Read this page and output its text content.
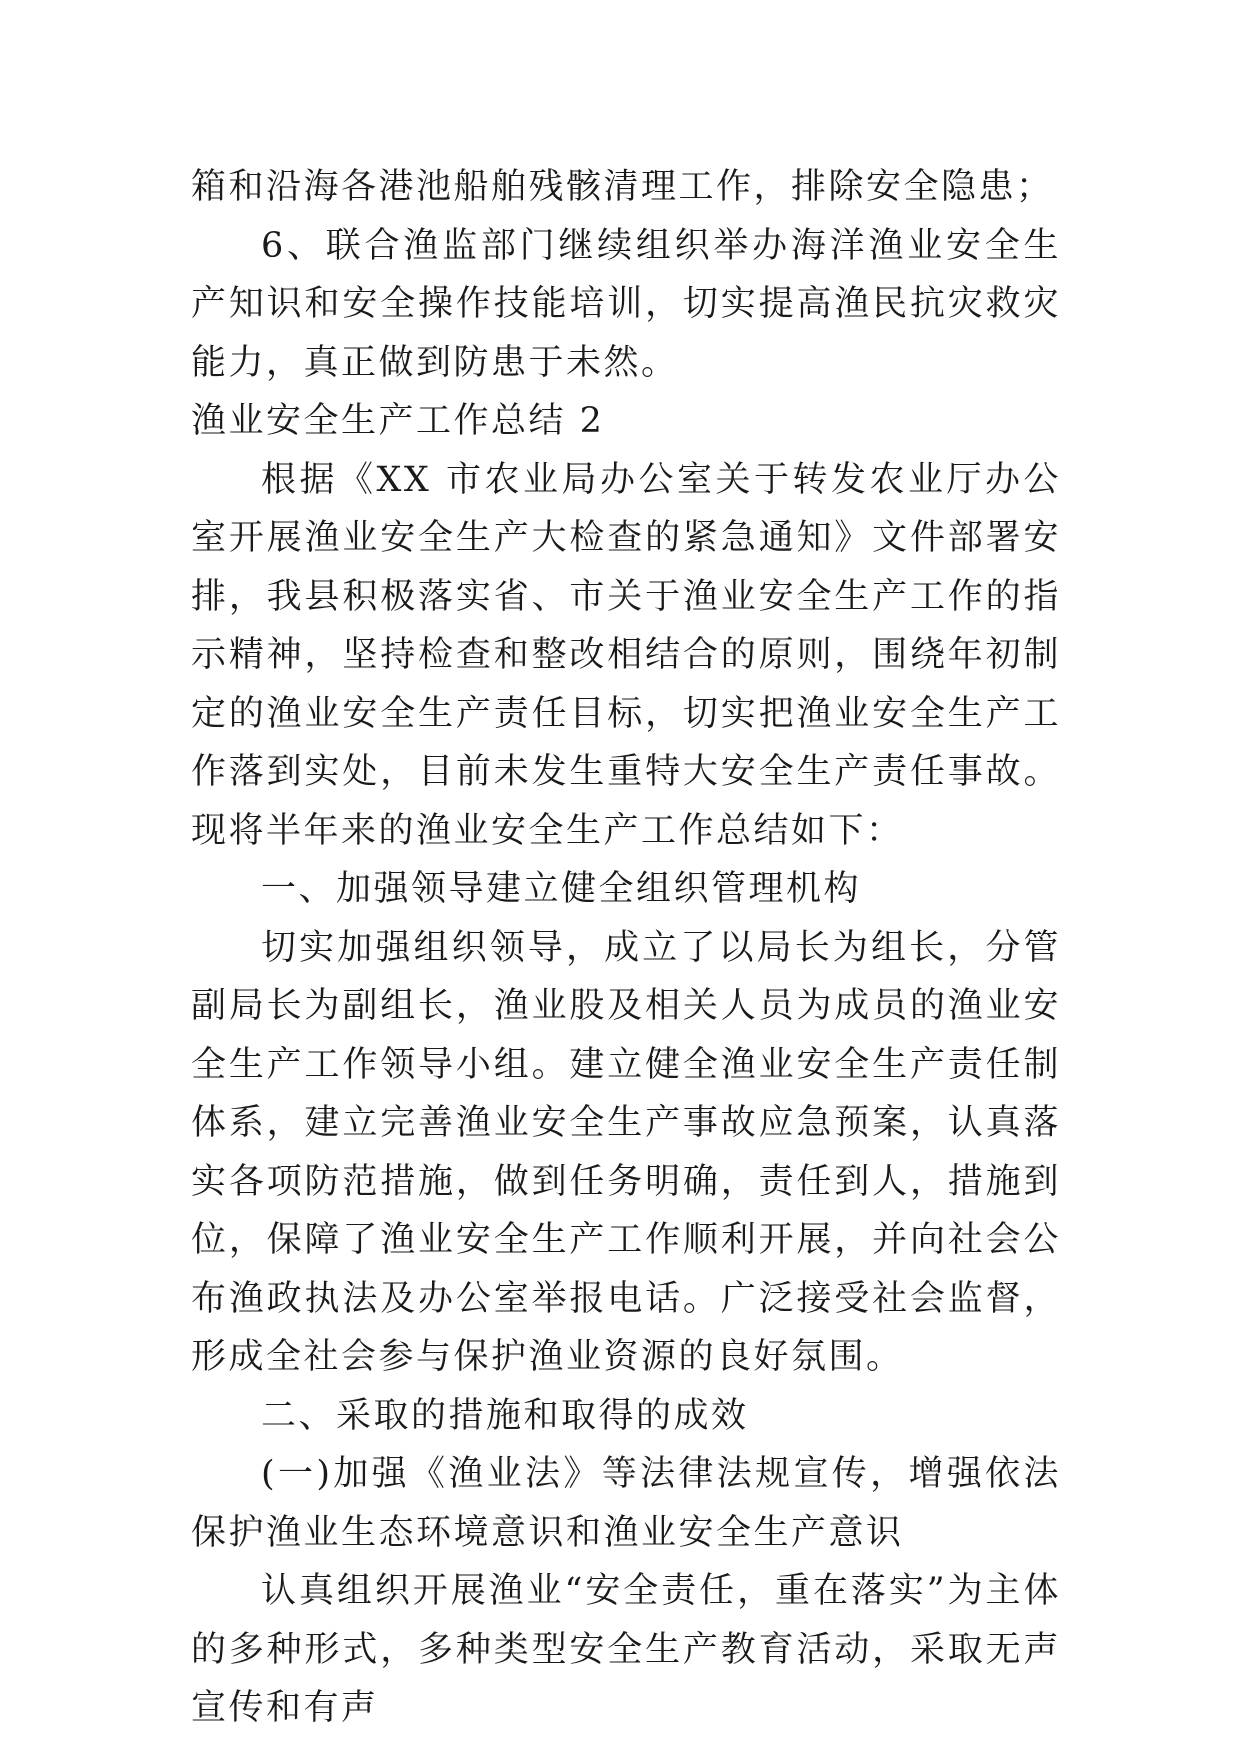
箱和沿海各港池船舶残骸清理工作，排除安全隐患；

6、联合渔监部门继续组织举办海洋渔业安全生产知识和安全操作技能培训，切实提高渔民抗灾救灾能力，真正做到防患于未然。

渔业安全生产工作总结 2

根据《XX 市农业局办公室关于转发农业厅办公室开展渔业安全生产大检查的紧急通知》文件部署安排，我县积极落实省、市关于渔业安全生产工作的指示精神，坚持检查和整改相结合的原则，围绕年初制定的渔业安全生产责任目标，切实把渔业安全生产工作落到实处，目前未发生重特大安全生产责任事故。现将半年来的渔业安全生产工作总结如下：

一、加强领导建立健全组织管理机构

切实加强组织领导，成立了以局长为组长，分管副局长为副组长，渔业股及相关人员为成员的渔业安全生产工作领导小组。建立健全渔业安全生产责任制体系，建立完善渔业安全生产事故应急预案，认真落实各项防范措施，做到任务明确，责任到人，措施到位，保障了渔业安全生产工作顺利开展，并向社会公布渔政执法及办公室举报电话。广泛接受社会监督，形成全社会参与保护渔业资源的良好氛围。

二、采取的措施和取得的成效

(一)加强《渔业法》等法律法规宣传，增强依法保护渔业生态环境意识和渔业安全生产意识

认真组织开展渔业“安全责任，重在落实”为主体的多种形式，多种类型安全生产教育活动，采取无声宣传和有声
